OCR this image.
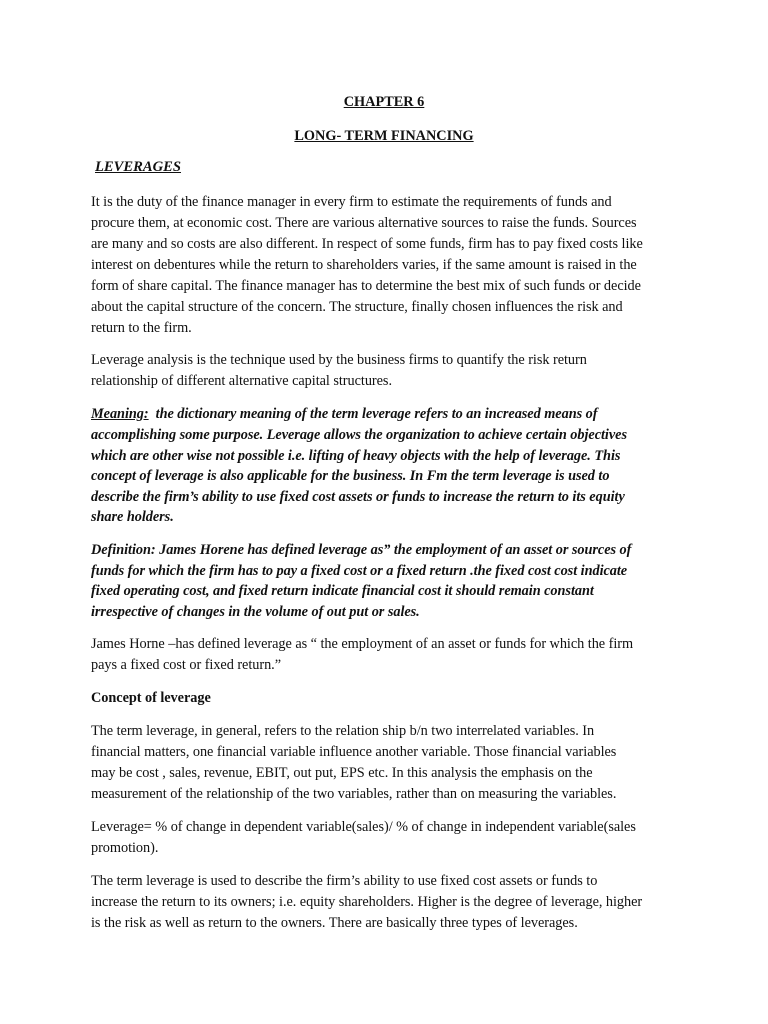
CHAPTER 6
LONG- TERM FINANCING
LEVERAGES
It is the duty of the finance manager in every firm to estimate the requirements of funds and
procure them, at economic cost. There are various alternative sources to raise the funds. Sources
are many and so costs are also different. In respect of some funds, firm has to pay fixed costs like
interest on debentures while the return to shareholders varies, if the same amount is raised in the
form of share capital. The finance manager has to determine the best mix of such funds or decide
about the capital structure of the concern. The structure, finally chosen influences the risk and
return to the firm.
Leverage analysis is the technique used by the business firms to quantify the risk return
relationship of different alternative capital structures.
Meaning:  the dictionary meaning of the term leverage refers to an increased means of
accomplishing some purpose. Leverage allows the organization to achieve certain objectives
which are other wise not possible i.e. lifting of heavy objects with the help of leverage. This
concept of leverage is also applicable for the business. In Fm the term leverage is used to
describe the firm’s ability to use fixed cost assets or funds to increase the return to its equity
share holders.
Definition: James Horene has defined leverage as” the employment of an asset or sources of
funds for which the firm has to pay a fixed cost or a fixed return .the fixed cost cost indicate
fixed operating cost, and fixed return indicate financial cost it should remain constant
irrespective of changes in the volume of out put or sales.
James Horne –has defined leverage as “ the employment of an asset or funds for which the firm
pays a fixed cost or fixed return.”
Concept of leverage
The term leverage, in general, refers to the relation ship b/n two interrelated variables. In
financial matters, one financial variable influence another variable. Those financial variables
may be cost , sales, revenue, EBIT, out put, EPS etc. In this analysis the emphasis on the
measurement of the relationship of the two variables, rather than on measuring the variables.
Leverage= % of change in dependent variable(sales)/ % of change in independent variable(sales
promotion).
The term leverage is used to describe the firm’s ability to use fixed cost assets or funds to
increase the return to its owners; i.e. equity shareholders. Higher is the degree of leverage, higher
is the risk as well as return to the owners. There are basically three types of leverages.
